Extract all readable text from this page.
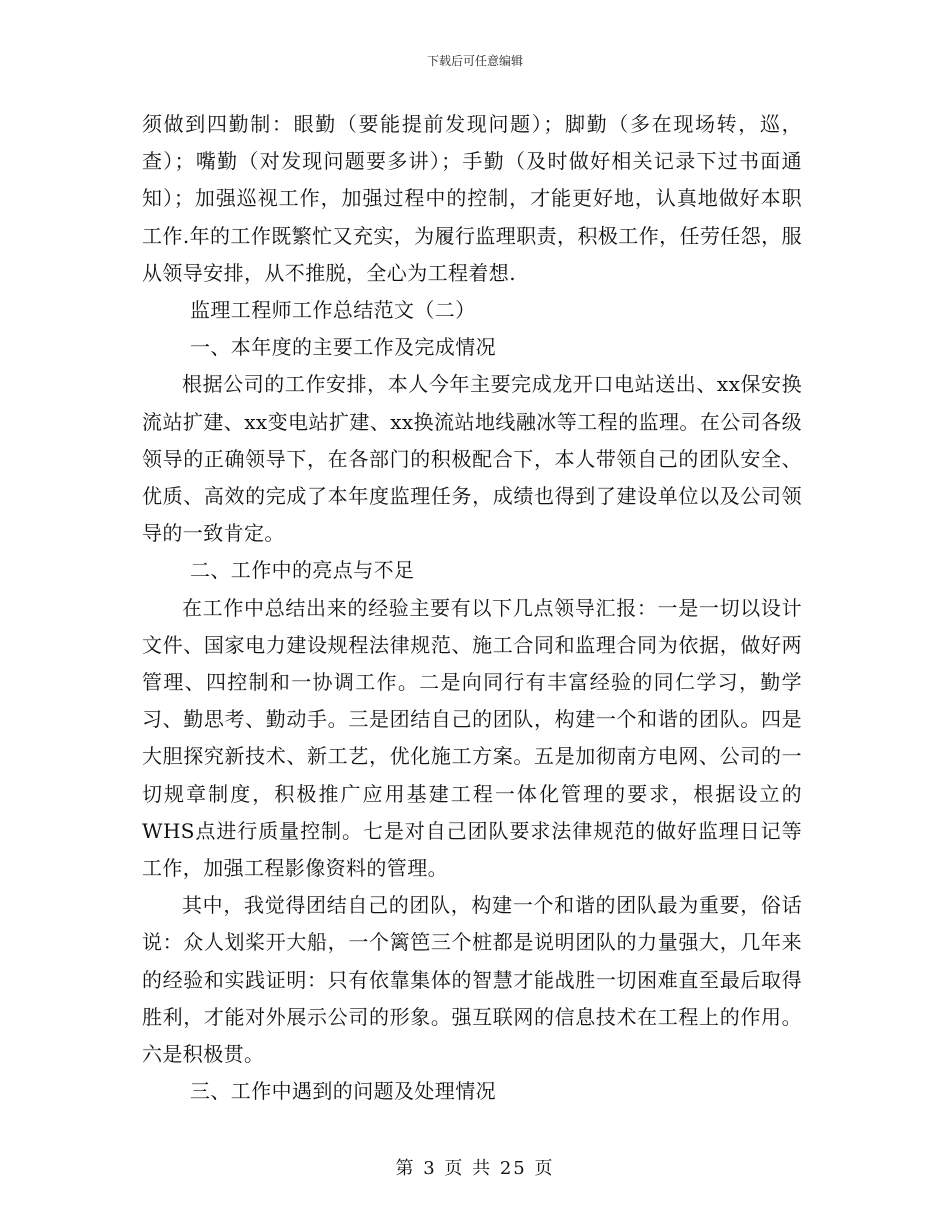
下载后可任意编辑

须做到四勤制：眼勤（要能提前发现问题）；脚勤（多在现场转，巡，查）；嘴勤（对发现问题要多讲）；手勤（及时做好相关记录下过书面通知）；加强巡视工作，加强过程中的控制，才能更好地，认真地做好本职工作.年的工作既繁忙又充实，为履行监理职责，积极工作，任劳任怨，服从领导安排，从不推脱，全心为工程着想.

监理工程师工作总结范文（二）

一、本年度的主要工作及完成情况

根据公司的工作安排，本人今年主要完成龙开口电站送出、xx保安换流站扩建、xx变电站扩建、xx换流站地线融冰等工程的监理。在公司各级领导的正确领导下，在各部门的积极配合下，本人带领自己的团队安全、优质、高效的完成了本年度监理任务，成绩也得到了建设单位以及公司领导的一致肯定。

二、工作中的亮点与不足

在工作中总结出来的经验主要有以下几点领导汇报：一是一切以设计文件、国家电力建设规程法律规范、施工合同和监理合同为依据，做好两管理、四控制和一协调工作。二是向同行有丰富经验的同仁学习，勤学习、勤思考、勤动手。三是团结自己的团队，构建一个和谐的团队。四是大胆探究新技术、新工艺，优化施工方案。五是加彻南方电网、公司的一切规章制度，积极推广应用基建工程一体化管理的要求，根据设立的WHS点进行质量控制。七是对自己团队要求法律规范的做好监理日记等工作，加强工程影像资料的管理。

其中，我觉得团结自己的团队，构建一个和谐的团队最为重要，俗话说：众人划桨开大船，一个篱笆三个桩都是说明团队的力量强大，几年来的经验和实践证明：只有依靠集体的智慧才能战胜一切困难直至最后取得胜利，才能对外展示公司的形象。强互联网的信息技术在工程上的作用。六是积极贯。

三、工作中遇到的问题及处理情况

第 3 页 共 25 页
